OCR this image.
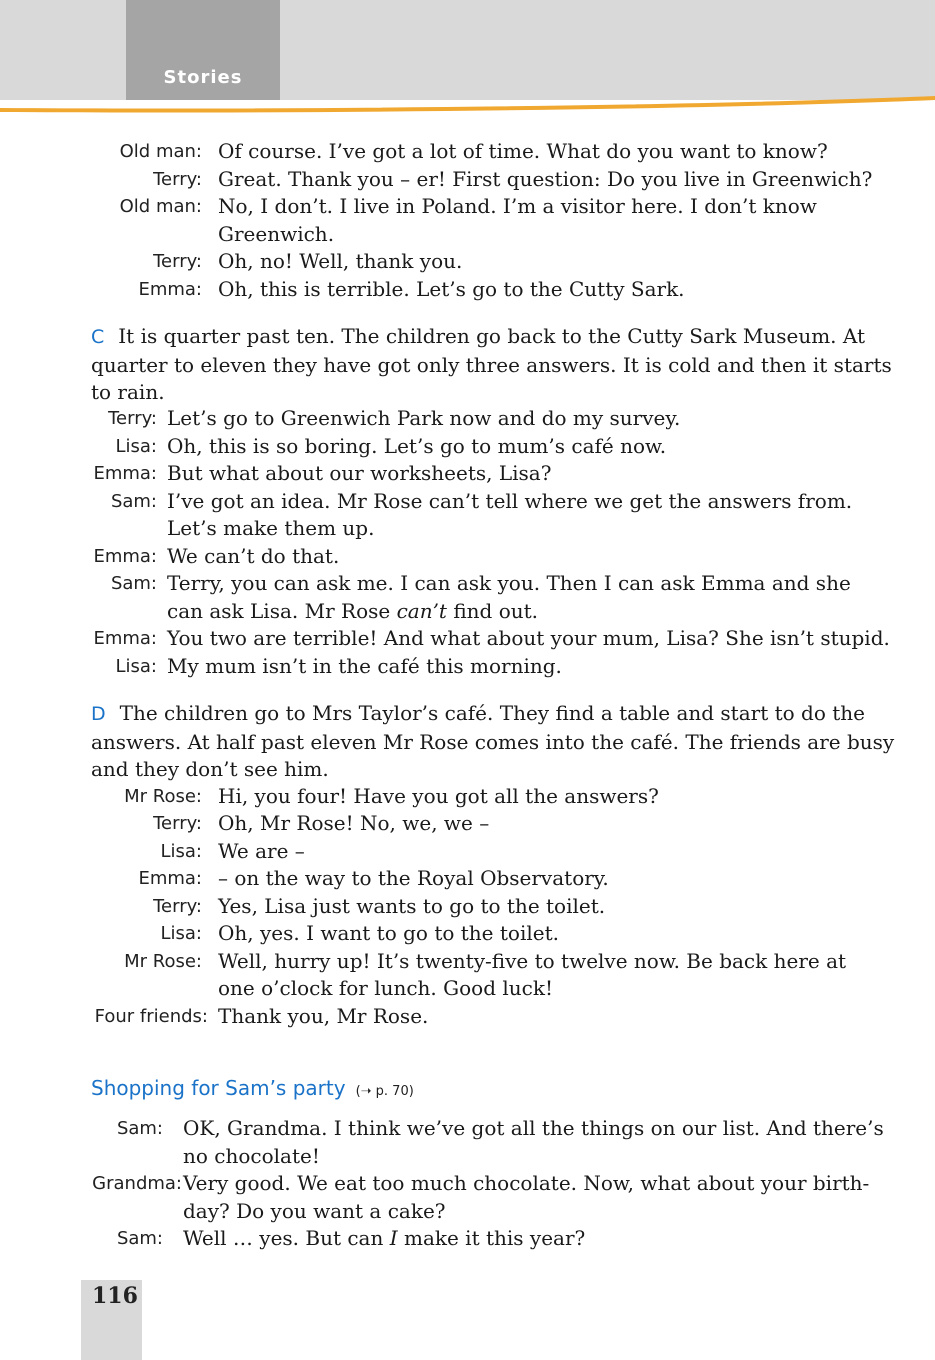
Stories
Old man: Of course. I’ve got a lot of time. What do you want to know?
Terry: Great. Thank you – er! First question: Do you live in Greenwich?
Old man: No, I don’t. I live in Poland. I’m a visitor here. I don’t know
Greenwich.
Terry: Oh, no! Well, thank you.
Emma: Oh, this is terrible. Let’s go to the Cutty Sark.
C It is quarter past ten. The children go back to the Cutty Sark Museum. At
quarter to eleven they have got only three answers. It is cold and then it starts
to rain.
Terry: Let’s go to Greenwich Park now and do my survey.
Lisa: Oh, this is so boring. Let’s go to mum’s café now.
Emma: But what about our worksheets, Lisa?
Sam: I’ve got an idea. Mr Rose can’t tell where we get the answers from.
Let’s make them up.
Emma: We can’t do that.
Sam: Terry, you can ask me. I can ask you. Then I can ask Emma and she
can ask Lisa. Mr Rose can’t find out.
Emma: You two are terrible! And what about your mum, Lisa? She isn’t stupid.
Lisa: My mum isn’t in the café this morning.
D The children go to Mrs Taylor’s café. They find a table and start to do the
answers. At half past eleven Mr Rose comes into the café. The friends are busy
and they don’t see him.
Mr Rose: Hi, you four! Have you got all the answers?
Terry: Oh, Mr Rose! No, we, we –
Lisa: We are –
Emma: – on the way to the Royal Observatory.
Terry: Yes, Lisa just wants to go to the toilet.
Lisa: Oh, yes. I want to go to the toilet.
Mr Rose: Well, hurry up! It’s twenty-five to twelve now. Be back here at
one o’clock for lunch. Good luck!
Four friends: Thank you, Mr Rose.
Shopping for Sam’s party (➝ p. 70)
Sam: OK, Grandma. I think we’ve got all the things on our list. And there’s
no chocolate!
Grandma: Very good. We eat too much chocolate. Now, what about your birth-
day? Do you want a cake?
Sam: Well … yes. But can I make it this year?
116
